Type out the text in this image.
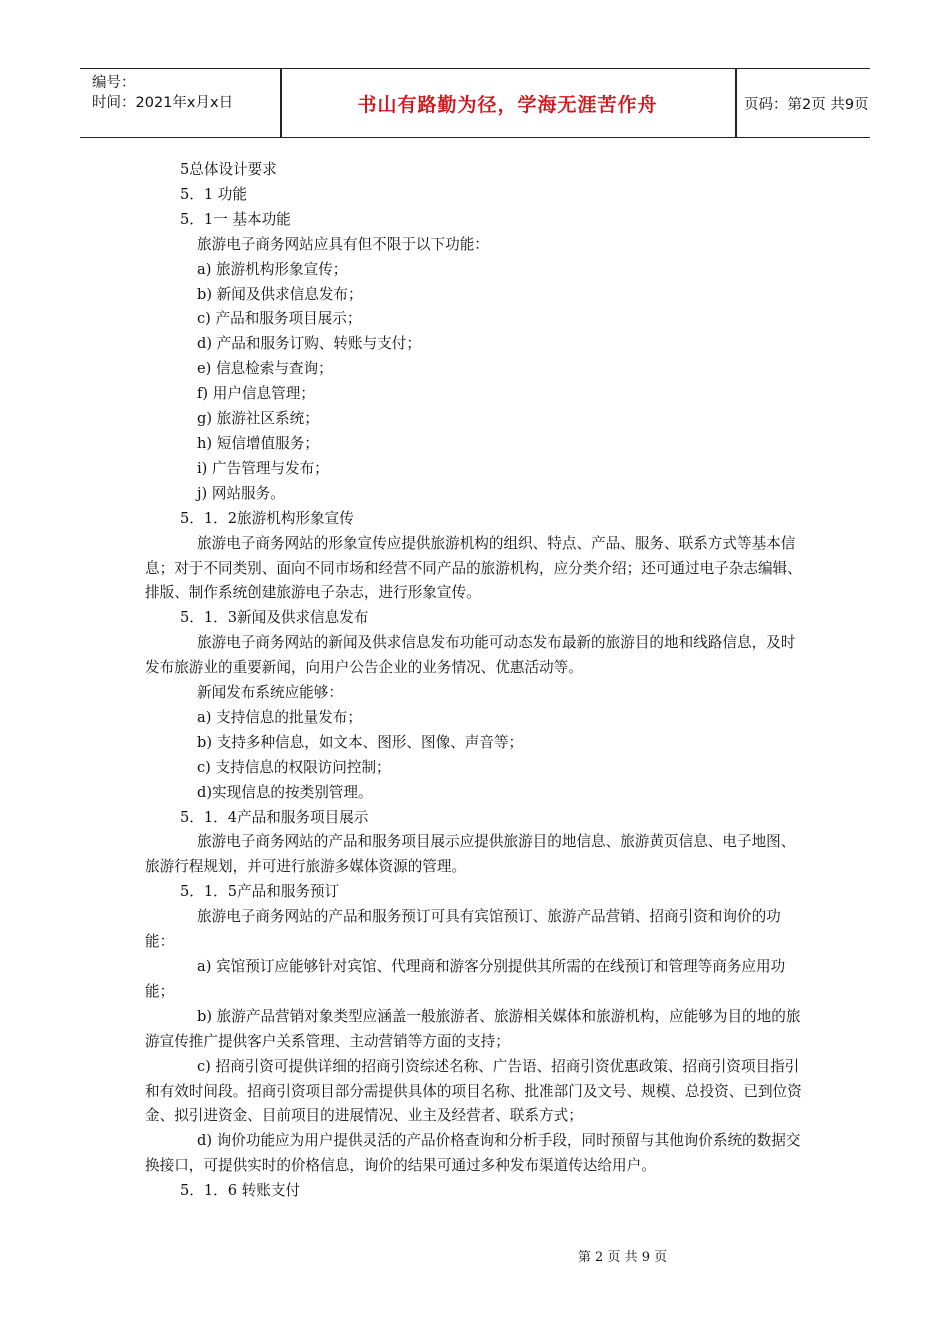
编号：
时间：2021年x月x日	书山有路勤为径，学海无涯苦作舟	页码：第2页 共9页

5总体设计要求

5．1 功能

5．1一 基本功能

旅游电子商务网站应具有但不限于以下功能：

a) 旅游机构形象宣传；

b) 新闻及供求信息发布；

c) 产品和服务项目展示；

d) 产品和服务订购、转账与支付；

e) 信息检索与查询；

f) 用户信息管理；

g) 旅游社区系统；

h) 短信增值服务；

i) 广告管理与发布；

j) 网站服务。

5．1．2旅游机构形象宣传

旅游电子商务网站的形象宣传应提供旅游机构的组织、特点、产品、服务、联系方式等基本信息；对于不同类别、面向不同市场和经营不同产品的旅游机构，应分类介绍；还可通过电子杂志编辑、排版、制作系统创建旅游电子杂志，进行形象宣传。

5．1．3新闻及供求信息发布

旅游电子商务网站的新闻及供求信息发布功能可动态发布最新的旅游目的地和线路信息，及时发布旅游业的重要新闻，向用户公告企业的业务情况、优惠活动等。

新闻发布系统应能够：

a) 支持信息的批量发布；

b) 支持多种信息，如文本、图形、图像、声音等；

c) 支持信息的权限访问控制；

d)实现信息的按类别管理。

5．1．4产品和服务项目展示

旅游电子商务网站的产品和服务项目展示应提供旅游目的地信息、旅游黄页信息、电子地图、旅游行程规划，并可进行旅游多媒体资源的管理。

5．1．5产品和服务预订

旅游电子商务网站的产品和服务预订可具有宾馆预订、旅游产品营销、招商引资和询价的功能：

a) 宾馆预订应能够针对宾馆、代理商和游客分别提供其所需的在线预订和管理等商务应用功能；

b) 旅游产品营销对象类型应涵盖一般旅游者、旅游相关媒体和旅游机构，应能够为目的地的旅游宣传推广提供客户关系管理、主动营销等方面的支持；

c) 招商引资可提供详细的招商引资综述名称、广告语、招商引资优惠政策、招商引资项目指引和有效时间段。招商引资项目部分需提供具体的项目名称、批准部门及文号、规模、总投资、已到位资金、拟引进资金、目前项目的进展情况、业主及经营者、联系方式；

d) 询价功能应为用户提供灵活的产品价格查询和分析手段，同时预留与其他询价系统的数据交换接口，可提供实时的价格信息，询价的结果可通过多种发布渠道传达给用户。

5．1．6 转账支付

第 2 页 共 9 页
